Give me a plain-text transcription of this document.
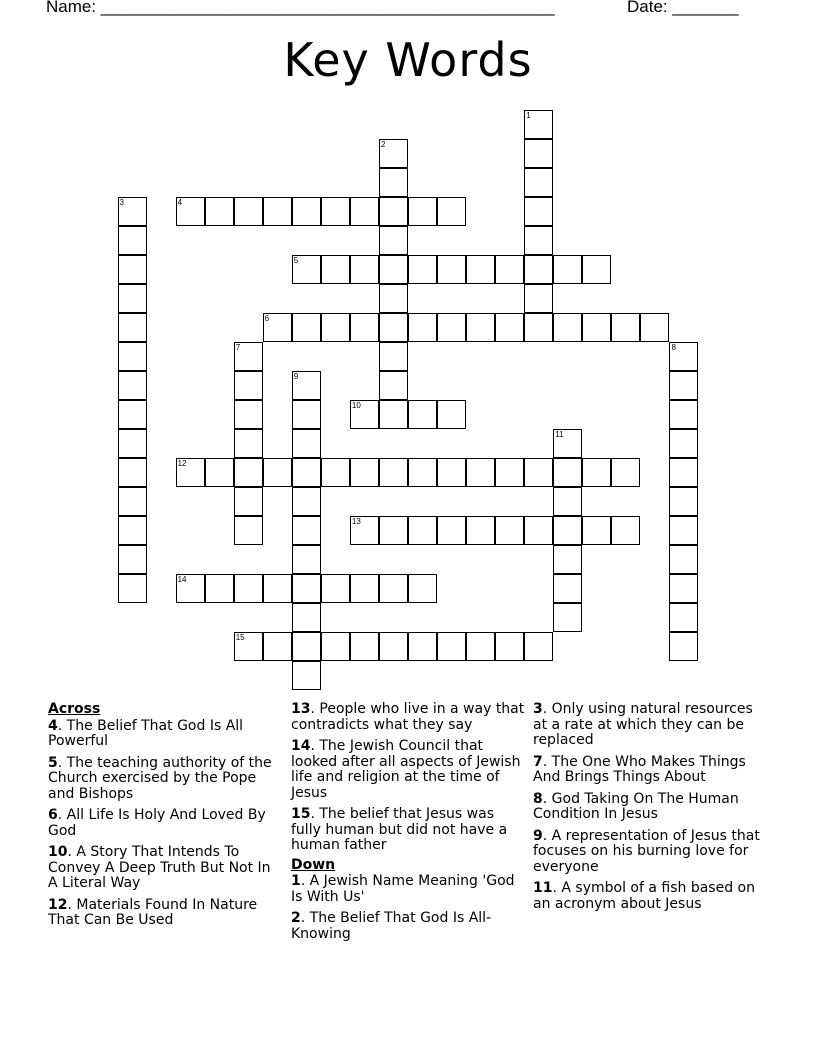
Name: ________________________________________________	Date: _______
Key Words
1
2
3	4
5
6
7	8
9
10
11
12
13
14
15
Across
4. The Belief That God Is All Powerful
5. The teaching authority of the Church exercised by the Pope and Bishops
6. All Life Is Holy And Loved By God
10. A Story That Intends To Convey A Deep Truth But Not In A Literal Way
12. Materials Found In Nature That Can Be Used
13. People who live in a way that contradicts what they say
14. The Jewish Council that looked after all aspects of Jewish life and religion at the time of Jesus
15. The belief that Jesus was fully human but did not have a human father
Down
1. A Jewish Name Meaning 'God Is With Us'
2. The Belief That God Is All-Knowing
3. Only using natural resources at a rate at which they can be replaced
7. The One Who Makes Things And Brings Things About
8. God Taking On The Human Condition In Jesus
9. A representation of Jesus that focuses on his burning love for everyone
11. A symbol of a fish based on an acronym about Jesus
